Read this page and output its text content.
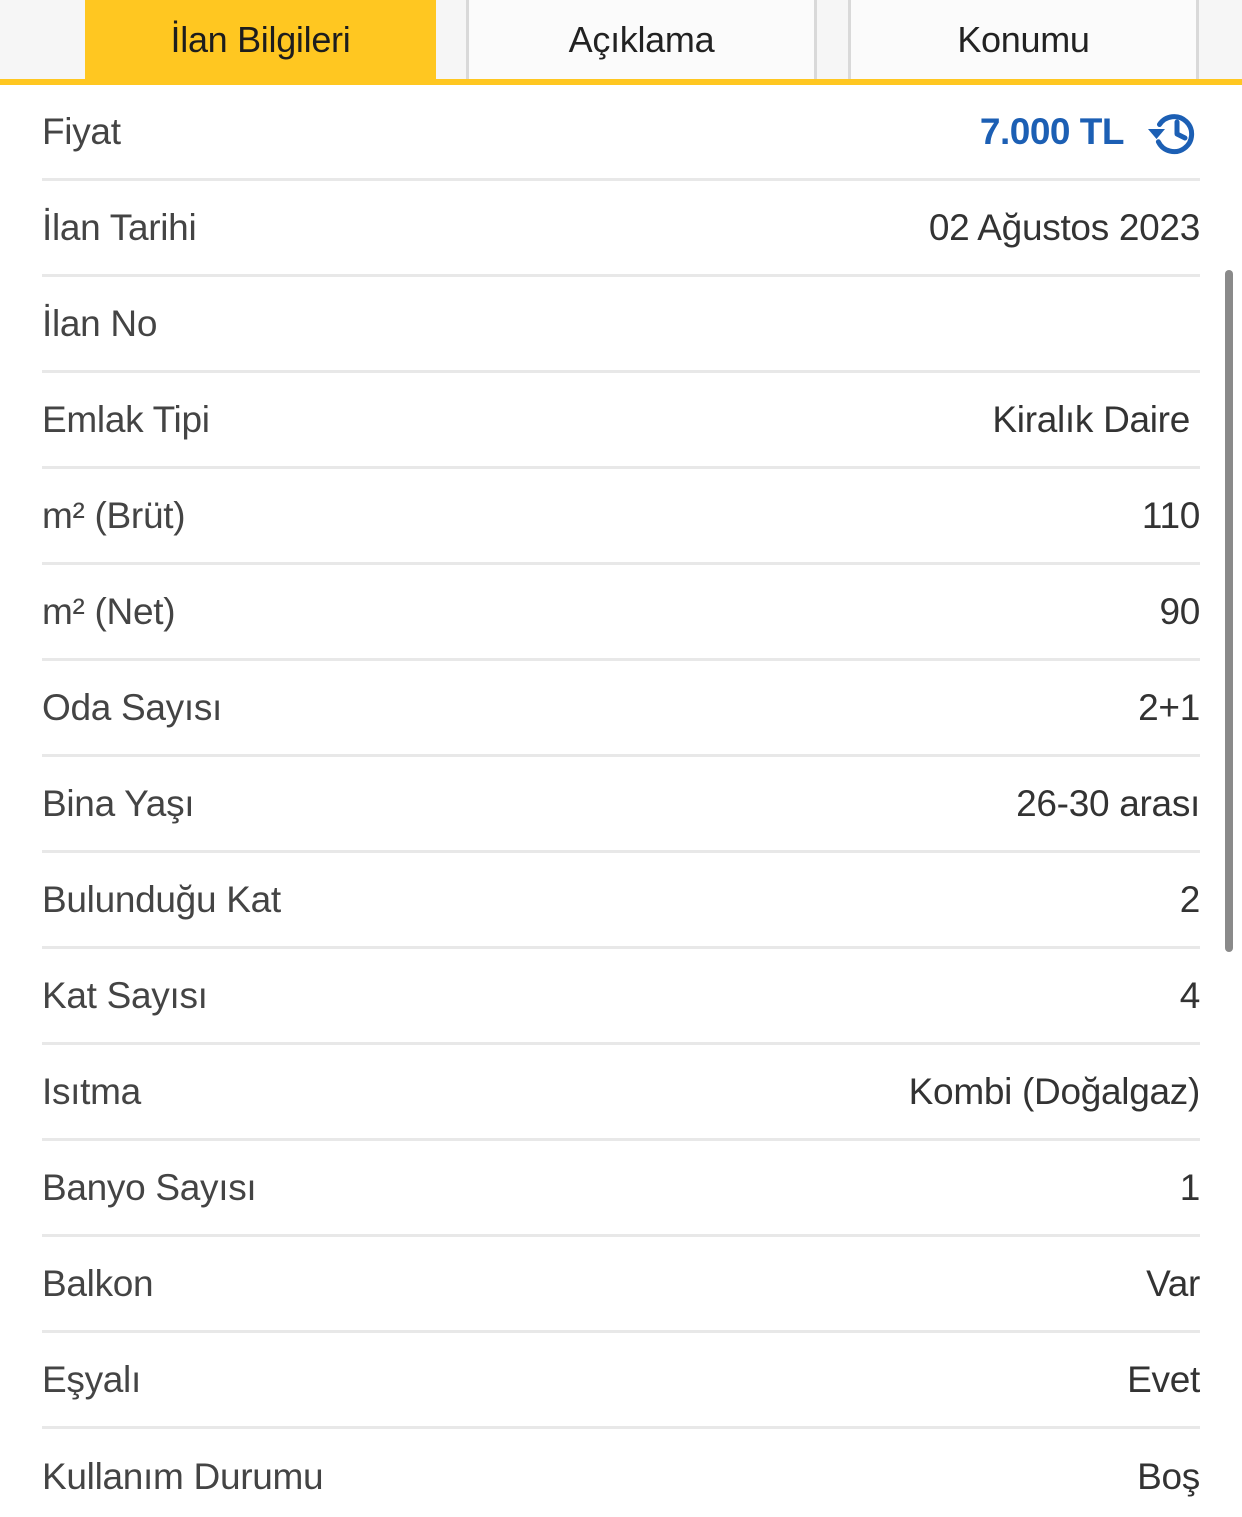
İlan Bilgileri	Açıklama	Konumu
Fiyat	7.000 TL
İlan Tarihi	02 Ağustos 2023
İlan No
Emlak Tipi	Kiralık Daire
m² (Brüt)	110
m² (Net)	90
Oda Sayısı	2+1
Bina Yaşı	26-30 arası
Bulunduğu Kat	2
Kat Sayısı	4
Isıtma	Kombi (Doğalgaz)
Banyo Sayısı	1
Balkon	Var
Eşyalı	Evet
Kullanım Durumu	Boş
